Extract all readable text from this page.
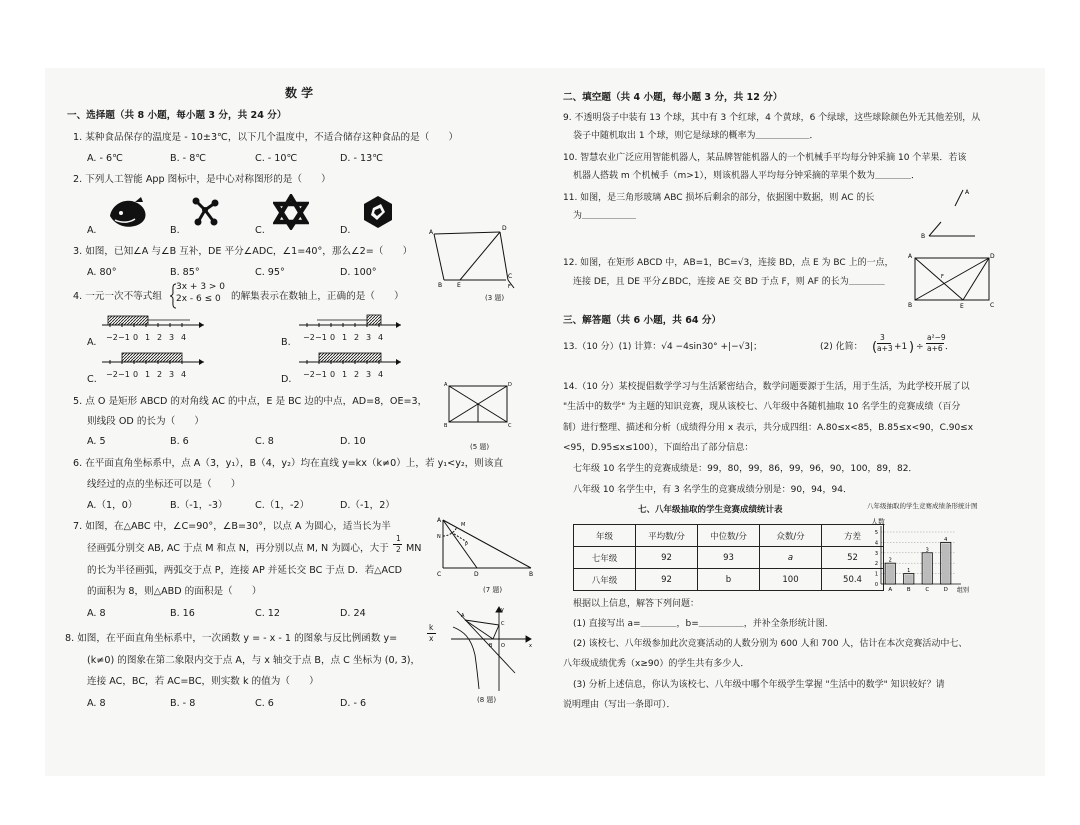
数 学
一、选择题（共 8 小题，每小题 3 分，共 24 分）
1. 某种食品保存的温度是 - 10±3℃，以下几个温度中，不适合储存这种食品的是（　　）
A. - 6℃	B. - 8℃	C. - 10℃	D. - 13℃
2. 下列人工智能 App 图标中，是中心对称图形的是（　　）
A.	B.	C.	D.
3. 如图，已知∠A 与∠B 互补，DE 平分∠ADC，∠1=40°，那么∠2=（　　）
A. 80°	B. 85°	C. 95°	D. 100°
A
D
B E
C
F
(3 题)
4. 一元一次不等式组
3x + 3 > 0
2x - 6 ≤ 0 的解集表示在数轴上，正确的是（　　）
A.	B.
C.	D.
−2 −1 0 1 2 3 4	−2 −1 0 1 2 3 4
−2 −1 0 1 2 3 4	−2 −1 0 1 2 3 4
5. 点 O 是矩形 ABCD 的对角线 AC 的中点，E 是 BC 边的中点，AD=8，OE=3，
则线段 OD 的长为（　　）
A. 5	B. 6	C. 8	D. 10
A	D
B	C
(5 题)
6. 在平面直角坐标系中，点 A（3，y₁），B（4，y₂）均在直线 y=kx（k≠0）上，若 y₁<y₂，则该直
线经过的点的坐标还可以是（　　）
A.（1，0）	B.（-1，-3）	C.（1，-2）	D.（-1，2）
7. 如图，在△ABC 中，∠C=90°，∠B=30°，以点 A 为圆心，适当长为半
径画弧分别交 AB, AC 于点 M 和点 N，再分别以点 M, N 为圆心，大于
1
2 MN
的长为半径画弧，两弧交于点 P，连接 AP 并延长交 BC 于点 D．若△ACD
的面积为 8，则△ABD 的面积是（　　）
A. 8	B. 16	C. 12	D. 24
A
M
N
P
C	D	B
(7 题)
8. 如图，在平面直角坐标系中，一次函数 y = - x - 1 的图象与反比例函数 y=
k
x
(k≠0) 的图象在第二象限内交于点 A，与 x 轴交于点 B，点 C 坐标为 (0, 3)，
连接 AC，BC，若 AC=BC，则实数 k 的值为（　　）
A. 8	B. - 8	C. 6	D. - 6
A
B
C
O
y
x
(8 题)
二、填空题（共 4 小题，每小题 3 分，共 12 分）
9. 不透明袋子中装有 13 个球，其中有 3 个红球，4 个黄球，6 个绿球，这些球除颜色外无其他差别，从
袋子中随机取出 1 个球，则它是绿球的概率为＿＿＿＿＿＿．
10. 智慧农业广泛应用智能机器人，某品牌智能机器人的一个机械手平均每分钟采摘 10 个苹果．若该
机器人搭载 m 个机械手（m>1），则该机器人平均每分钟采摘的苹果个数为＿＿＿＿．
11. 如图，是三角形玻璃 ABC 损坏后剩余的部分，依据图中数据，则 AC 的长
为＿＿＿＿＿＿
A
B
12. 如图，在矩形 ABCD 中，AB=1，BC=√3，连接 BD，点 E 为 BC 上的一点，
连接 DE，且 DE 平分∠BDC，连接 AE 交 BD 于点 F，则 AF 的长为＿＿＿＿
A	D
B	E	C
F
三、解答题（共 6 小题，共 64 分）
13.（10 分）(1) 计算：√4 −4sin30° +|−√3|；	(2) 化简： (
3
a+3 +1 ) ÷
a²−9
a+6 ．
14.（10 分）某校提倡数学学习与生活紧密结合，数学问题要源于生活，用于生活，为此学校开展了以
"生活中的数学" 为主题的知识竞赛，现从该校七、八年级中各随机抽取 10 名学生的竞赛成绩（百分
制）进行整理、描述和分析（成绩得分用 x 表示，共分成四组：A.80≤x<85，B.85≤x<90，C.90≤x
<95，D.95≤x≤100），下面给出了部分信息：
七年级 10 名学生的竞赛成绩是：99，80，99，86，99，96，90，100，89，82．
八年级 10 名学生中，有 3 名学生的竞赛成绩分别是：90，94，94．
七、八年级抽取的学生竞赛成绩统计表
年级	平均数/分	中位数/分	众数/分	方差
七年级	92	93	a	52
八年级	92	b	100	50.4
八年级抽取的学生竞赛成绩条形统计图
人数
0
1
2
3
4
5
2
A
1
B
3
C
4
D 组别
根据以上信息，解答下列问题：
(1) 直接写出 a=＿＿＿＿，b=＿＿＿＿＿，并补全条形统计图．
(2) 该校七、八年级参加此次竞赛活动的人数分别为 600 人和 700 人，估计在本次竞赛活动中七、
八年级成绩优秀（x≥90）的学生共有多少人．
(3) 分析上述信息，你认为该校七、八年级中哪个年级学生掌握 "生活中的数学" 知识较好？请
说明理由（写出一条即可）．
